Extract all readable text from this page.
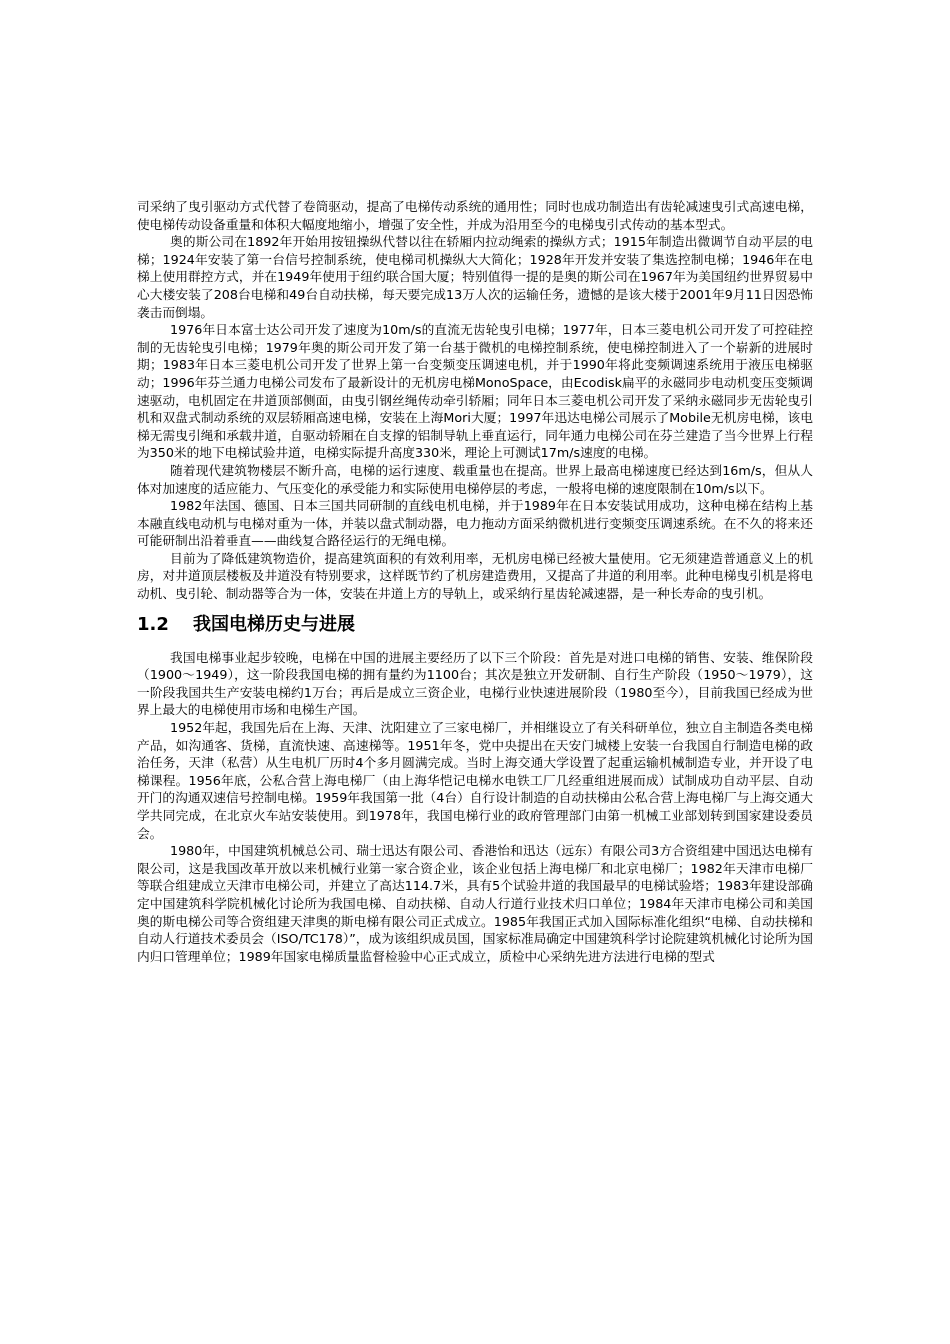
司采纳了曳引驱动方式代替了卷筒驱动，提高了电梯传动系统的通用性；同时也成功制造出有齿轮减速曳引式高速电梯，使电梯传动设备重量和体积大幅度地缩小，增强了安全性，并成为沿用至今的电梯曳引式传动的基本型式。

奥的斯公司在1892年开始用按钮操纵代替以往在轿厢内拉动绳索的操纵方式；1915年制造出微调节自动平层的电梯；1924年安装了第一台信号控制系统，使电梯司机操纵大大简化；1928年开发并安装了集选控制电梯；1946年在电梯上使用群控方式，并在1949年使用于纽约联合国大厦；特别值得一提的是奥的斯公司在1967年为美国纽约世界贸易中心大楼安装了208台电梯和49台自动扶梯，每天要完成13万人次的运输任务，遗憾的是该大楼于2001年9月11日因恐怖袭击而倒塌。

1976年日本富士达公司开发了速度为10m/s的直流无齿轮曳引电梯；1977年，日本三菱电机公司开发了可控硅控制的无齿轮曳引电梯；1979年奥的斯公司开发了第一台基于微机的电梯控制系统，使电梯控制进入了一个崭新的进展时期；1983年日本三菱电机公司开发了世界上第一台变频变压调速电机，并于1990年将此变频调速系统用于液压电梯驱动；1996年芬兰通力电梯公司发布了最新设计的无机房电梯MonoSpace，由Ecodisk扁平的永磁同步电动机变压变频调速驱动，电机固定在井道顶部侧面，由曳引钢丝绳传动牵引轿厢；同年日本三菱电机公司开发了采纳永磁同步无齿轮曳引机和双盘式制动系统的双层轿厢高速电梯，安装在上海Mori大厦；1997年迅达电梯公司展示了Mobile无机房电梯，该电梯无需曳引绳和承载井道，自驱动轿厢在自支撑的铝制导轨上垂直运行，同年通力电梯公司在芬兰建造了当今世界上行程为350米的地下电梯试验井道，电梯实际提升高度330米，理论上可测试17m/s速度的电梯。

随着现代建筑物楼层不断升高，电梯的运行速度、载重量也在提高。世界上最高电梯速度已经达到16m/s，但从人体对加速度的适应能力、气压变化的承受能力和实际使用电梯停层的考虑，一般将电梯的速度限制在10m/s以下。

1982年法国、德国、日本三国共同研制的直线电机电梯，并于1989年在日本安装试用成功，这种电梯在结构上基本融直线电动机与电梯对重为一体，并装以盘式制动器，电力拖动方面采纳微机进行变频变压调速系统。在不久的将来还可能研制出沿着垂直——曲线复合路径运行的无绳电梯。

目前为了降低建筑物造价，提高建筑面积的有效利用率，无机房电梯已经被大量使用。它无须建造普通意义上的机房，对井道顶层楼板及井道没有特别要求，这样既节约了机房建造费用，又提高了井道的利用率。此种电梯曳引机是将电动机、曳引轮、制动器等合为一体，安装在井道上方的导轨上，或采纳行星齿轮减速器，是一种长寿命的曳引机。

1.2 我国电梯历史与进展

我国电梯事业起步较晚，电梯在中国的进展主要经历了以下三个阶段：首先是对进口电梯的销售、安装、维保阶段（1900～1949），这一阶段我国电梯的拥有量约为1100台；其次是独立开发研制、自行生产阶段（1950～1979），这一阶段我国共生产安装电梯约1万台；再后是成立三资企业，电梯行业快速进展阶段（1980至今），目前我国已经成为世界上最大的电梯使用市场和电梯生产国。

1952年起，我国先后在上海、天津、沈阳建立了三家电梯厂，并相继设立了有关科研单位，独立自主制造各类电梯产品，如沟通客、货梯，直流快速、高速梯等。1951年冬，党中央提出在天安门城楼上安装一台我国自行制造电梯的政治任务，天津（私营）从生电机厂历时4个多月圆满完成。当时上海交通大学设置了起重运输机械制造专业，并开设了电梯课程。1956年底，公私合营上海电梯厂（由上海华恺记电梯水电铁工厂几经重组进展而成）试制成功自动平层、自动开门的沟通双速信号控制电梯。1959年我国第一批（4台）自行设计制造的自动扶梯由公私合营上海电梯厂与上海交通大学共同完成，在北京火车站安装使用。到1978年，我国电梯行业的政府管理部门由第一机械工业部划转到国家建设委员会。

1980年，中国建筑机械总公司、瑞士迅达有限公司、香港怡和迅达（远东）有限公司3方合资组建中国迅达电梯有限公司，这是我国改革开放以来机械行业第一家合资企业，该企业包括上海电梯厂和北京电梯厂；1982年天津市电梯厂等联合组建成立天津市电梯公司，并建立了高达114.7米，具有5个试验井道的我国最早的电梯试验塔；1983年建设部确定中国建筑科学院机械化讨论所为我国电梯、自动扶梯、自动人行道行业技术归口单位；1984年天津市电梯公司和美国奥的斯电梯公司等合资组建天津奥的斯电梯有限公司正式成立。1985年我国正式加入国际标准化组织“电梯、自动扶梯和自动人行道技术委员会（ISO/TC178）”，成为该组织成员国，国家标准局确定中国建筑科学讨论院建筑机械化讨论所为国内归口管理单位；1989年国家电梯质量监督检验中心正式成立，质检中心采纳先进方法进行电梯的型式
